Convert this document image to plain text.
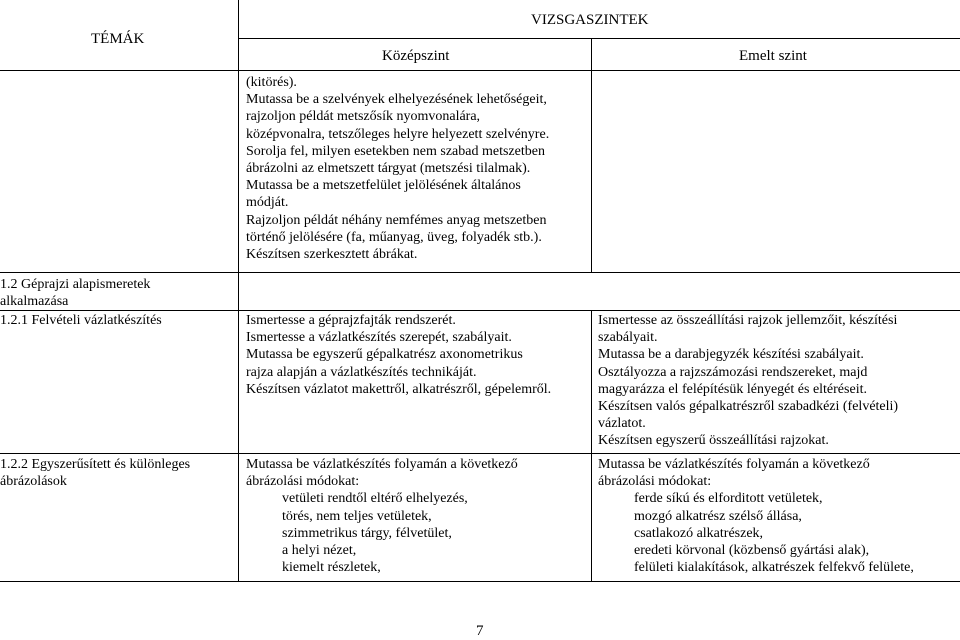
TÉMÁK
VIZSGASZINTEK
Középszint	Emelt szint

(kitörés).

Mutassa be a szelvények elhelyezésének lehetőségeit,

rajzoljon példát metszősík nyomvonalára,

középvonalra, tetszőleges helyre helyezett szelvényre.

Sorolja fel, milyen esetekben nem szabad metszetben

ábrázolni az elmetszett tárgyat (metszési tilalmak).

Mutassa be a metszetfelület jelölésének általános

módját.

Rajzoljon példát néhány nemfémes anyag metszetben

történő jelölésére (fa, műanyag, üveg, folyadék stb.).

Készítsen szerkesztett ábrákat.

1.2 Géprajzi alapismeretek

alkalmazása

1.2.1 Felvételi vázlatkészítés	Ismertesse a géprajzfajták rendszerét.

Ismertesse a vázlatkészítés szerepét, szabályait.

Mutassa be egyszerű gépalkatrész axonometrikus

rajza alapján a vázlatkészítés technikáját.

Készítsen vázlatot makettről, alkatrészről, gépelemről.

Ismertesse az összeállítási rajzok jellemzőit, készítési

szabályait.

Mutassa be a darabjegyzék készítési szabályait.

Osztályozza a rajzszámozási rendszereket, majd

magyarázza el felépítésük lényegét és eltéréseit.

Készítsen valós gépalkatrészről szabadkézi (felvételi)

vázlatot.

Készítsen egyszerű összeállítási rajzokat.

1.2.2 Egyszerűsített és különleges

ábrázolások

Mutassa be vázlatkészítés folyamán a következő

ábrázolási módokat:

vetületi rendtől eltérő elhelyezés,

törés, nem teljes vetületek,

szimmetrikus tárgy, félvetület,

a helyi nézet,

kiemelt részletek,

Mutassa be vázlatkészítés folyamán a következő

ábrázolási módokat:

ferde síkú és elforditott vetületek,

mozgó alkatrész szélső állása,

csatlakozó alkatrészek,

eredeti körvonal (közbenső gyártási alak),

felületi kialakítások, alkatrészek felfekvő felülete,

7
